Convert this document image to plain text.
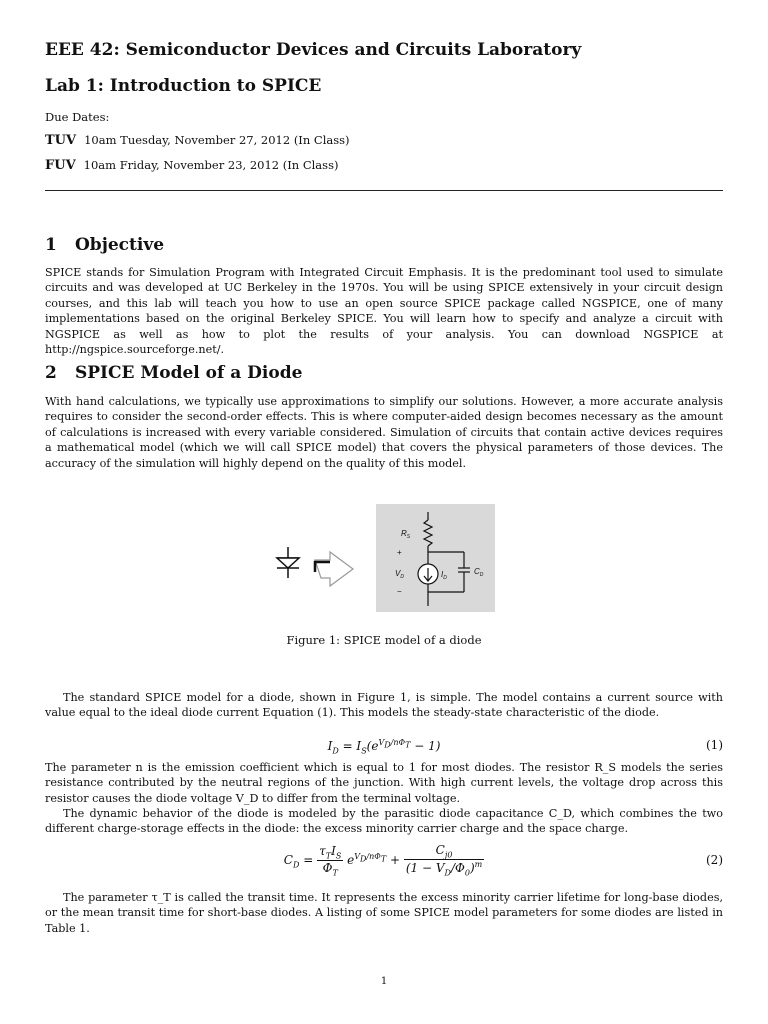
EEE 42: Semiconductor Devices and Circuits Laboratory
Lab 1: Introduction to SPICE
Due Dates:
TUV 10am Tuesday, November 27, 2012 (In Class)
FUV 10am Friday, November 23, 2012 (In Class)
1 Objective

SPICE stands for Simulation Program with Integrated Circuit Emphasis. It is the predominant tool used to simulate circuits and was developed at UC Berkeley in the 1970s. You will be using SPICE extensively in your circuit design courses, and this lab will teach you how to use an open source SPICE package called NGSPICE, one of many implementations based on the original Berkeley SPICE. You will learn how to specify and analyze a circuit with NGSPICE as well as how to plot the results of your analysis. You can download NGSPICE at http://ngspice.sourceforge.net/.

2 SPICE Model of a Diode

With hand calculations, we typically use approximations to simplify our solutions. However, a more accurate analysis requires to consider the second-order effects. This is where computer-aided design becomes necessary as the amount of calculations is increased with every variable considered. Simulation of circuits that contain active devices requires a mathematical model (which we will call SPICE model) that covers the physical parameters of those devices. The accuracy of the simulation will highly depend on the quality of this model.

$R_S$
+
$V_D$	$I_D$
$C_D$
−
Figure 1: SPICE model of a diode

The standard SPICE model for a diode, shown in Figure 1, is simple. The model contains a current source with value equal to the ideal diode current Equation (1). This models the steady-state characteristic of the diode.

$I_D = I_S(e^{V_D/n\Phi_T} - 1)$	(1)

The parameter n is the emission coefficient which is equal to 1 for most diodes. The resistor R_S models the series resistance contributed by the neutral regions of the junction. With high current levels, the voltage drop across this resistor causes the diode voltage V_D to differ from the terminal voltage.

The dynamic behavior of the diode is modeled by the parasitic diode capacitance C_D, which combines the two different charge-storage effects in the diode: the excess minority carrier charge and the space charge.

$C_D = \frac{\tau_TI_S}{\Phi_T} e^{V_D/n\Phi_T} + \frac{C_{j0}}{(1 - V_D/\Phi_0)^m}$	(2)

The parameter τ_T is called the transit time. It represents the excess minority carrier lifetime for long-base diodes, or the mean transit time for short-base diodes. A listing of some SPICE model parameters for some diodes are listed in Table 1.

1
